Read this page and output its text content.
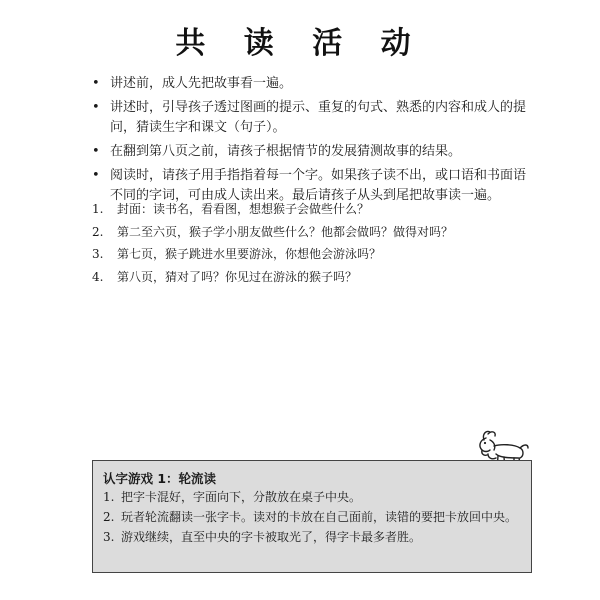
共 读 活 动
• 讲述前，成人先把故事看一遍。
• 讲述时，引导孩子透过图画的提示、重复的句式、熟悉的内容和成人的提问，猜读生字和课文（句子）。
• 在翻到第八页之前，请孩子根据情节的发展猜测故事的结果。
• 阅读时，请孩子用手指指着每一个字。如果孩子读不出，或口语和书面语不同的字词，可由成人读出来。最后请孩子从头到尾把故事读一遍。
1.	封面：读书名，看看图，想想猴子会做些什么？
2.	第二至六页，猴子学小朋友做些什么？他都会做吗？做得对吗？
3.	第七页，猴子跳进水里要游泳，你想他会游泳吗？
4.	第八页，猜对了吗？你见过在游泳的猴子吗？
认字游戏 1：轮流读
1. 把字卡混好，字面向下，分散放在桌子中央。
2. 玩者轮流翻读一张字卡。读对的卡放在自己面前，读错的要把卡放回中央。
3. 游戏继续，直至中央的字卡被取光了，得字卡最多者胜。
